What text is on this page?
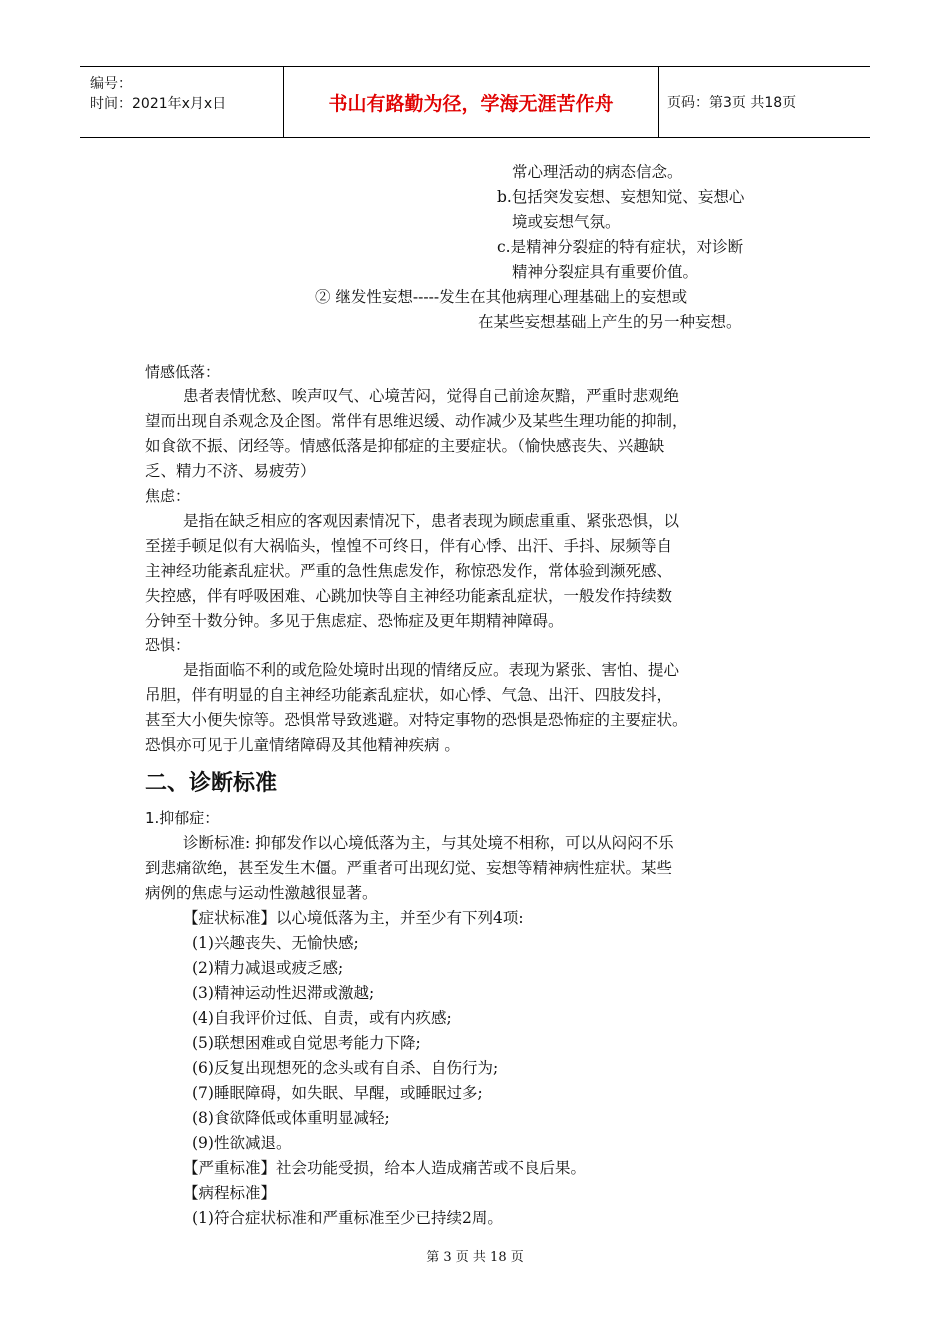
编号：
时间：2021年x月x日	书山有路勤为径，学海无涯苦作舟	页码：第3页 共18页
常心理活动的病态信念。
b.包括突发妄想、妄想知觉、妄想心
境或妄想气氛。
c.是精神分裂症的特有症状，对诊断
精神分裂症具有重要价值。
② 继发性妄想-----发生在其他病理心理基础上的妄想或
在某些妄想基础上产生的另一种妄想。
情感低落：
患者表情忧愁、唉声叹气、心境苦闷，觉得自己前途灰黯，严重时悲观绝
望而出现自杀观念及企图。常伴有思维迟缓、动作减少及某些生理功能的抑制，
如食欲不振、闭经等。情感低落是抑郁症的主要症状。（愉快感丧失、兴趣缺
乏、精力不济、易疲劳）
焦虑：
是指在缺乏相应的客观因素情况下，患者表现为顾虑重重、紧张恐惧，以
至搓手顿足似有大祸临头，惶惶不可终日，伴有心悸、出汗、手抖、尿频等自
主神经功能紊乱症状。严重的急性焦虑发作，称惊恐发作，常体验到濒死感、
失控感，伴有呼吸困难、心跳加快等自主神经功能紊乱症状，一般发作持续数
分钟至十数分钟。多见于焦虑症、恐怖症及更年期精神障碍。
恐惧：
是指面临不利的或危险处境时出现的情绪反应。表现为紧张、害怕、提心
吊胆，伴有明显的自主神经功能紊乱症状，如心悸、气急、出汗、四肢发抖，
甚至大小便失惊等。恐惧常导致逃避。对特定事物的恐惧是恐怖症的主要症状。
恐惧亦可见于儿童情绪障碍及其他精神疾病 。
二、诊断标准
1.抑郁症：
诊断标准: 抑郁发作以心境低落为主，与其处境不相称，可以从闷闷不乐
到悲痛欲绝，甚至发生木僵。严重者可出现幻觉、妄想等精神病性症状。某些
病例的焦虑与运动性激越很显著。
【症状标准】以心境低落为主，并至少有下列4项:
(1)兴趣丧失、无愉快感;
(2)精力减退或疲乏感;
(3)精神运动性迟滞或激越;
(4)自我评价过低、自责，或有内疚感;
(5)联想困难或自觉思考能力下降;
(6)反复出现想死的念头或有自杀、自伤行为;
(7)睡眠障碍，如失眠、早醒，或睡眠过多;
(8)食欲降低或体重明显减轻;
(9)性欲减退。
【严重标准】社会功能受损，给本人造成痛苦或不良后果。
【病程标准】
(1)符合症状标准和严重标准至少已持续2周。
第 3 页 共 18 页
